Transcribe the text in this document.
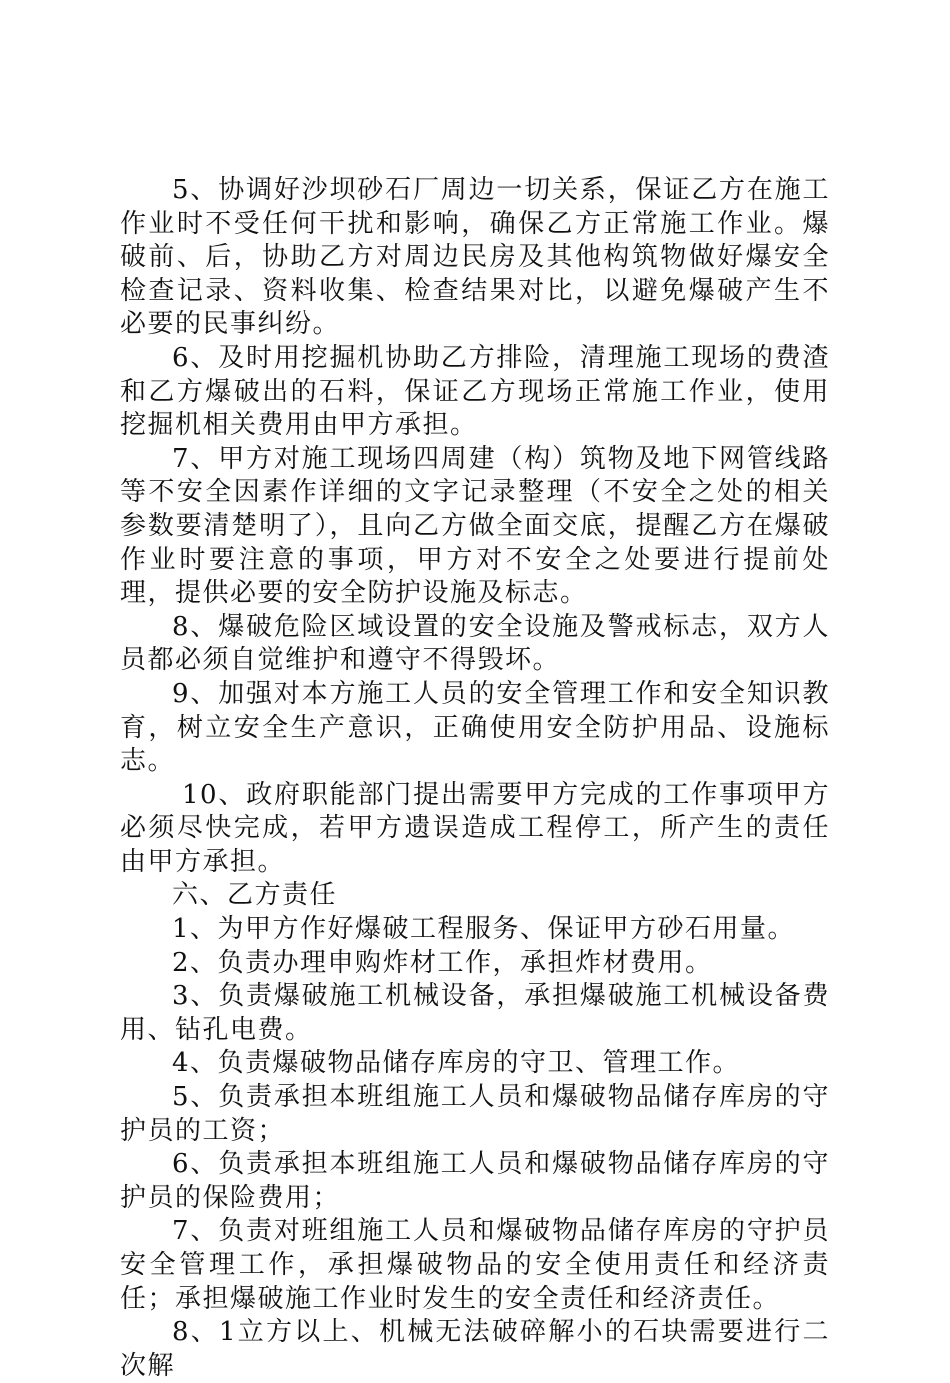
5、协调好沙坝砂石厂周边一切关系，保证乙方在施工作业时不受任何干扰和影响，确保乙方正常施工作业。爆破前、后，协助乙方对周边民房及其他构筑物做好爆安全检查记录、资料收集、检查结果对比，以避免爆破产生不必要的民事纠纷。

6、及时用挖掘机协助乙方排险，清理施工现场的费渣和乙方爆破出的石料，保证乙方现场正常施工作业，使用挖掘机相关费用由甲方承担。

7、甲方对施工现场四周建（构）筑物及地下网管线路等不安全因素作详细的文字记录整理（不安全之处的相关参数要清楚明了），且向乙方做全面交底，提醒乙方在爆破作业时要注意的事项，甲方对不安全之处要进行提前处理，提供必要的安全防护设施及标志。

8、爆破危险区域设置的安全设施及警戒标志，双方人员都必须自觉维护和遵守不得毁坏。

9、加强对本方施工人员的安全管理工作和安全知识教育，树立安全生产意识，正确使用安全防护用品、设施标志。

10、政府职能部门提出需要甲方完成的工作事项甲方必须尽快完成，若甲方遗误造成工程停工，所产生的责任由甲方承担。

六、乙方责任

1、为甲方作好爆破工程服务、保证甲方砂石用量。

2、负责办理申购炸材工作，承担炸材费用。

3、负责爆破施工机械设备，承担爆破施工机械设备费用、钻孔电费。

4、负责爆破物品储存库房的守卫、管理工作。

5、负责承担本班组施工人员和爆破物品储存库房的守护员的工资；

6、负责承担本班组施工人员和爆破物品储存库房的守护员的保险费用；

7、负责对班组施工人员和爆破物品储存库房的守护员安全管理工作，承担爆破物品的安全使用责任和经济责任；承担爆破施工作业时发生的安全责任和经济责任。

8、1立方以上、机械无法破碎解小的石块需要进行二次解
